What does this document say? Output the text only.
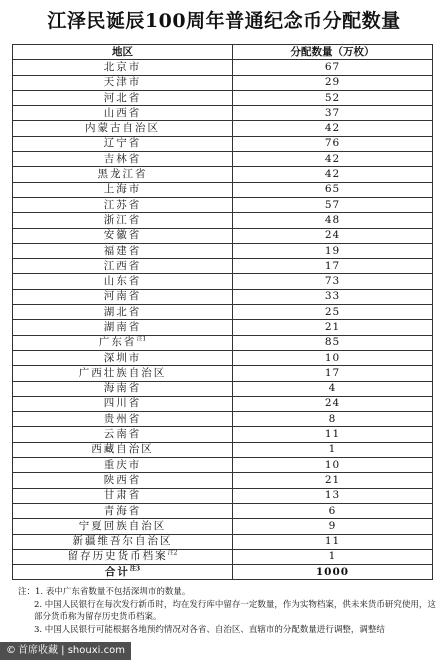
江泽民诞辰100周年普通纪念币分配数量
地区	分配数量（万枚）
北京市	67
天津市	29
河北省	52
山西省	37
内蒙古自治区	42
辽宁省	76
吉林省	42
黑龙江省	42
上海市	65
江苏省	57
浙江省	48
安徽省	24
福建省	19
江西省	17
山东省	73
河南省	33
湖北省	25
湖南省	21
广东省$^{注1}$	85
深圳市	10
广西壮族自治区	17
海南省	4
四川省	24
贵州省	8
云南省	11
西藏自治区	1
重庆市	10
陕西省	21
甘肃省	13
青海省	6
宁夏回族自治区	9
新疆维吾尔自治区	11
留存历史货币档案$^{注2}$	1
合计$^{注3}$	1000

注：1. 表中广东省数量不包括深圳市的数量。

2. 中国人民银行在每次发行新币时，均在发行库中留存一定数量，作为实物档案，供未来货币研究使用，这部分货币称为留存历史货币档案。

3. 中国人民银行可能根据各地预约情况对各省、自治区、直辖市的分配数量进行调整，调整结

© 首席收藏 | shouxi.com
